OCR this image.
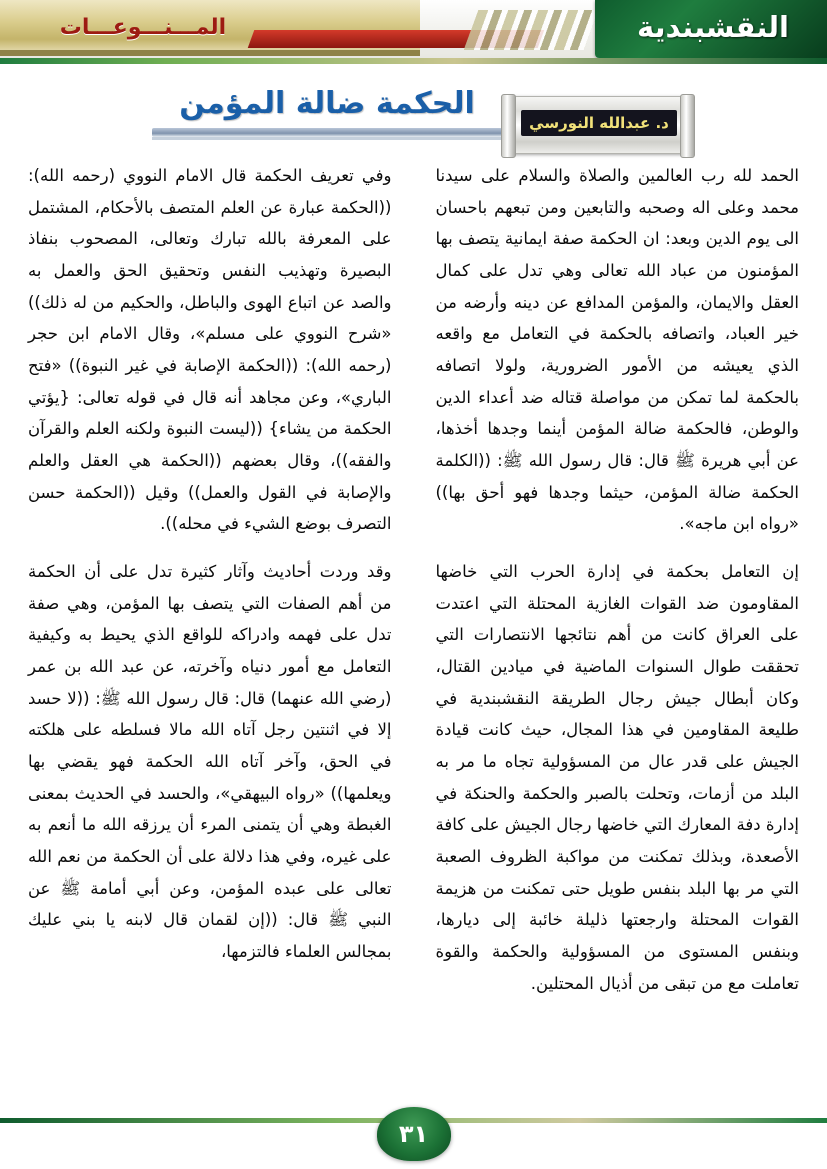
المـــنـــوعـــات	النقشبندية
الحكمة ضالة المؤمن
د. عبدالله النورسي

الحمد لله رب العالمين والصلاة والسلام على سيدنا محمد وعلى اله وصحبه والتابعين ومن تبعهم باحسان الى يوم الدين وبعد: ان الحكمة صفة ايمانية يتصف بها المؤمنون من عباد الله تعالى وهي تدل على كمال العقل والايمان، والمؤمن المدافع عن دينه وأرضه من خير العباد، واتصافه بالحكمة في التعامل مع واقعه الذي يعيشه من الأمور الضرورية، ولولا اتصافه بالحكمة لما تمكن من مواصلة قتاله ضد أعداء الدين والوطن، فالحكمة ضالة المؤمن أينما وجدها أخذها، عن أبي هريرة ﷺ قال: قال رسول الله ﷺ: ((الكلمة الحكمة ضالة المؤمن، حيثما وجدها فهو أحق بها)) «رواه ابن ماجه».

إن التعامل بحكمة في إدارة الحرب التي خاضها المقاومون ضد القوات الغازية المحتلة التي اعتدت على العراق كانت من أهم نتائجها الانتصارات التي تحققت طوال السنوات الماضية في ميادين القتال، وكان أبطال جيش رجال الطريقة النقشبندية في طليعة المقاومين في هذا المجال، حيث كانت قيادة الجيش على قدر عال من المسؤولية تجاه ما مر به البلد من أزمات، وتحلت بالصبر والحكمة والحنكة في إدارة دفة المعارك التي خاضها رجال الجيش على كافة الأصعدة، وبذلك تمكنت من مواكبة الظروف الصعبة التي مر بها البلد بنفس طويل حتى تمكنت من هزيمة القوات المحتلة وارجعتها ذليلة خائبة إلى ديارها، وبنفس المستوى من المسؤولية والحكمة والقوة تعاملت مع من تبقى من أذيال المحتلين.

وفي تعريف الحكمة قال الامام النووي (رحمه الله): ((الحكمة عبارة عن العلم المتصف بالأحكام، المشتمل على المعرفة بالله تبارك وتعالى، المصحوب بنفاذ البصيرة وتهذيب النفس وتحقيق الحق والعمل به والصد عن اتباع الهوى والباطل، والحكيم من له ذلك)) «شرح النووي على مسلم»، وقال الامام ابن حجر (رحمه الله): ((الحكمة الإصابة في غير النبوة)) «فتح الباري»، وعن مجاهد أنه قال في قوله تعالى: {يؤتي الحكمة من يشاء} ((ليست النبوة ولكنه العلم والقرآن والفقه))، وقال بعضهم ((الحكمة هي العقل والعلم والإصابة في القول والعمل)) وقيل ((الحكمة حسن التصرف بوضع الشيء في محله)).

وقد وردت أحاديث وآثار كثيرة تدل على أن الحكمة من أهم الصفات التي يتصف بها المؤمن، وهي صفة تدل على فهمه وادراكه للواقع الذي يحيط به وكيفية التعامل مع أمور دنياه وآخرته، عن عبد الله بن عمر (رضي الله عنهما) قال: قال رسول الله ﷺ: ((لا حسد إلا في اثنتين رجل آتاه الله مالا فسلطه على هلكته في الحق، وآخر آتاه الله الحكمة فهو يقضي بها ويعلمها)) «رواه البيهقي»، والحسد في الحديث بمعنى الغبطة وهي أن يتمنى المرء أن يرزقه الله ما أنعم به على غيره، وفي هذا دلالة على أن الحكمة من نعم الله تعالى على عبده المؤمن، وعن أبي أمامة ﷺ عن النبي ﷺ قال: ((إن لقمان قال لابنه يا بني عليك بمجالس العلماء فالتزمها،

٣١
